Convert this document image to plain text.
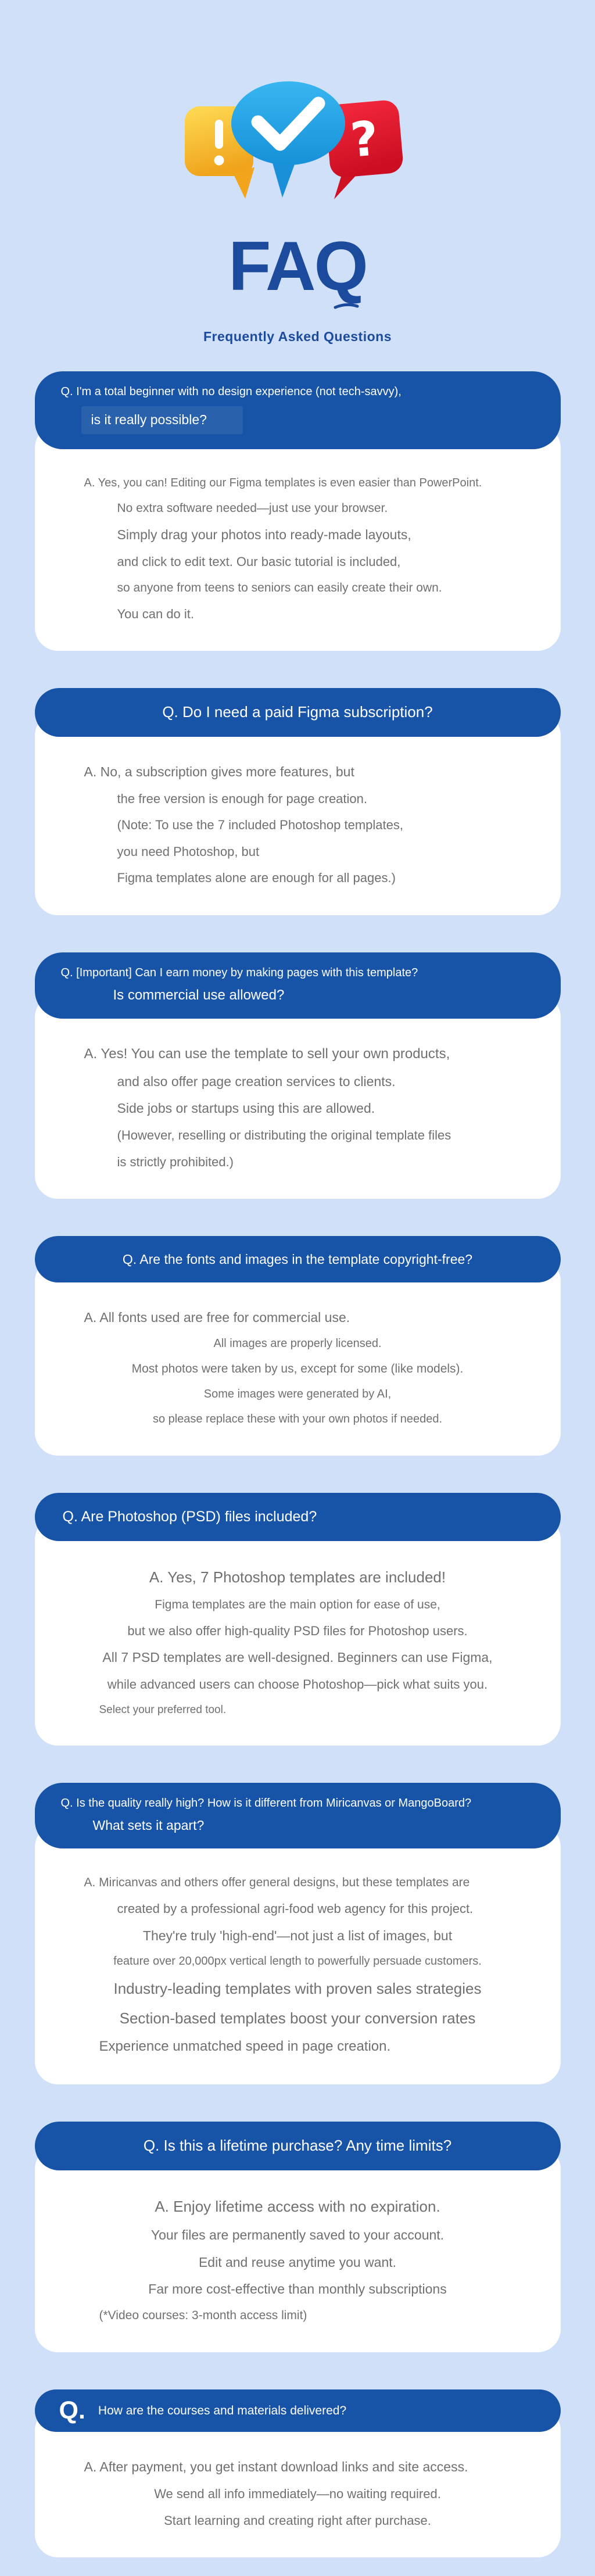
?
FAQ
Frequently Asked Questions
Q. I'm a total beginner with no design experience (not tech-savvy),
is it really possible?
A. Yes, you can! Editing our Figma templates is even easier than PowerPoint.
No extra software needed—just use your browser.
Simply drag your photos into ready-made layouts,
and click to edit text. Our basic tutorial is included,
so anyone from teens to seniors can easily create their own.
You can do it.
Q. Do I need a paid Figma subscription?
A. No, a subscription gives more features, but
the free version is enough for page creation.
(Note: To use the 7 included Photoshop templates,
you need Photoshop, but
Figma templates alone are enough for all pages.)
Q. [Important] Can I earn money by making pages with this template?
Is commercial use allowed?
A. Yes! You can use the template to sell your own products,
and also offer page creation services to clients.
Side jobs or startups using this are allowed.
(However, reselling or distributing the original template files
is strictly prohibited.)
Q. Are the fonts and images in the template copyright-free?
A. All fonts used are free for commercial use.
All images are properly licensed.
Most photos were taken by us, except for some (like models).
Some images were generated by AI,
so please replace these with your own photos if needed.
Q. Are Photoshop (PSD) files included?
A. Yes, 7 Photoshop templates are included!
Figma templates are the main option for ease of use,
but we also offer high-quality PSD files for Photoshop users.
All 7 PSD templates are well-designed. Beginners can use Figma,
while advanced users can choose Photoshop—pick what suits you.
Select your preferred tool.
Q. Is the quality really high? How is it different from Miricanvas or MangoBoard?
What sets it apart?
A. Miricanvas and others offer general designs, but these templates are
created by a professional agri-food web agency for this project.
They're truly 'high-end'—not just a list of images, but
feature over 20,000px vertical length to powerfully persuade customers.
Industry-leading templates with proven sales strategies
Section-based templates boost your conversion rates
Experience unmatched speed in page creation.
Q. Is this a lifetime purchase? Any time limits?
A. Enjoy lifetime access with no expiration.
Your files are permanently saved to your account.
Edit and reuse anytime you want.
Far more cost-effective than monthly subscriptions
(*Video courses: 3-month access limit)
Q. How are the courses and materials delivered?
A. After payment, you get instant download links and site access.
We send all info immediately—no waiting required.
Start learning and creating right after purchase.
